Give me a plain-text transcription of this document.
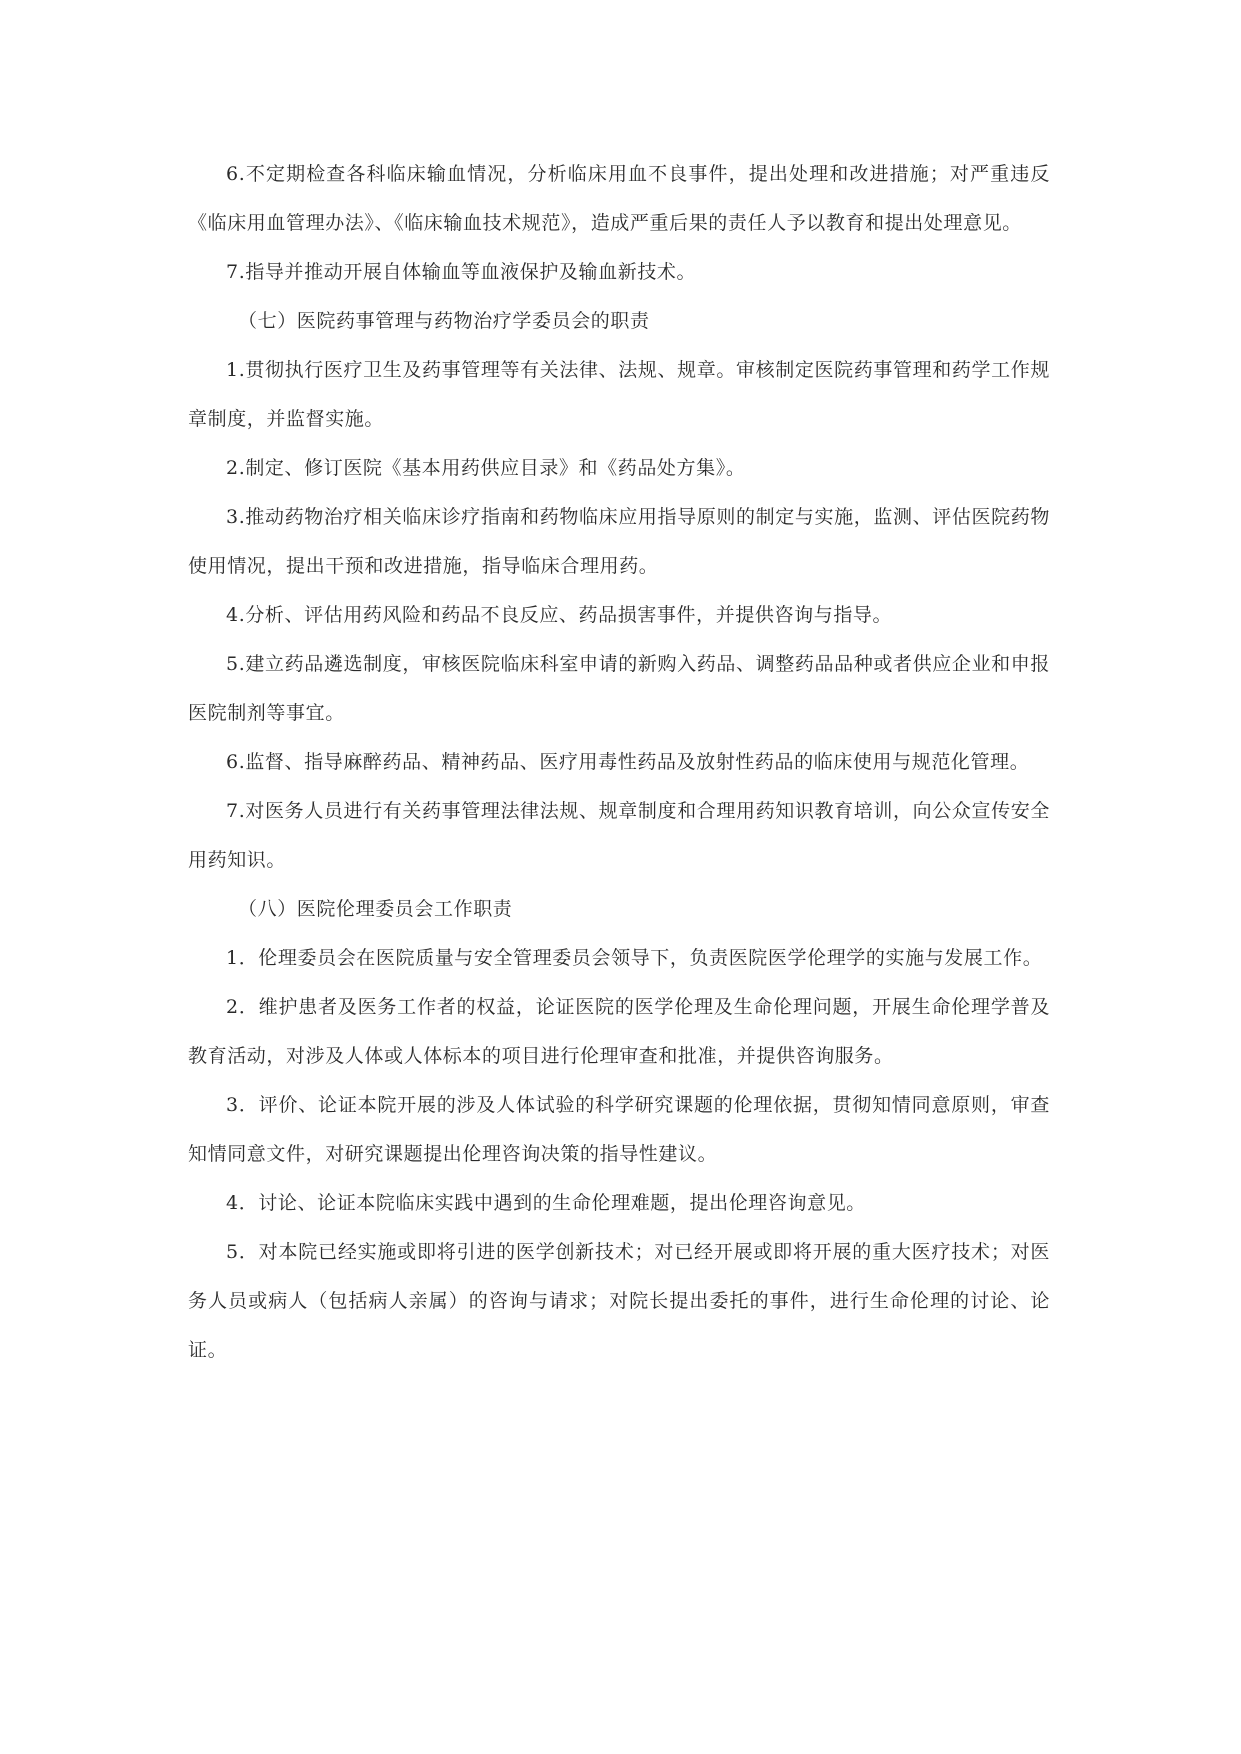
6.不定期检查各科临床输血情况，分析临床用血不良事件，提出处理和改进措施；对严重违反《临床用血管理办法》、《临床输血技术规范》，造成严重后果的责任人予以教育和提出处理意见。

7.指导并推动开展自体输血等血液保护及输血新技术。

（七）医院药事管理与药物治疗学委员会的职责

1.贯彻执行医疗卫生及药事管理等有关法律、法规、规章。审核制定医院药事管理和药学工作规章制度，并监督实施。

2.制定、修订医院《基本用药供应目录》和《药品处方集》。

3.推动药物治疗相关临床诊疗指南和药物临床应用指导原则的制定与实施，监测、评估医院药物使用情况，提出干预和改进措施，指导临床合理用药。

4.分析、评估用药风险和药品不良反应、药品损害事件，并提供咨询与指导。

5.建立药品遴选制度，审核医院临床科室申请的新购入药品、调整药品品种或者供应企业和申报医院制剂等事宜。

6.监督、指导麻醉药品、精神药品、医疗用毒性药品及放射性药品的临床使用与规范化管理。

7.对医务人员进行有关药事管理法律法规、规章制度和合理用药知识教育培训，向公众宣传安全用药知识。

（八）医院伦理委员会工作职责

1．伦理委员会在医院质量与安全管理委员会领导下，负责医院医学伦理学的实施与发展工作。

2．维护患者及医务工作者的权益，论证医院的医学伦理及生命伦理问题，开展生命伦理学普及教育活动，对涉及人体或人体标本的项目进行伦理审查和批准，并提供咨询服务。

3．评价、论证本院开展的涉及人体试验的科学研究课题的伦理依据，贯彻知情同意原则，审查知情同意文件，对研究课题提出伦理咨询决策的指导性建议。

4．讨论、论证本院临床实践中遇到的生命伦理难题，提出伦理咨询意见。

5．对本院已经实施或即将引进的医学创新技术；对已经开展或即将开展的重大医疗技术；对医务人员或病人（包括病人亲属）的咨询与请求；对院长提出委托的事件，进行生命伦理的讨论、论证。
